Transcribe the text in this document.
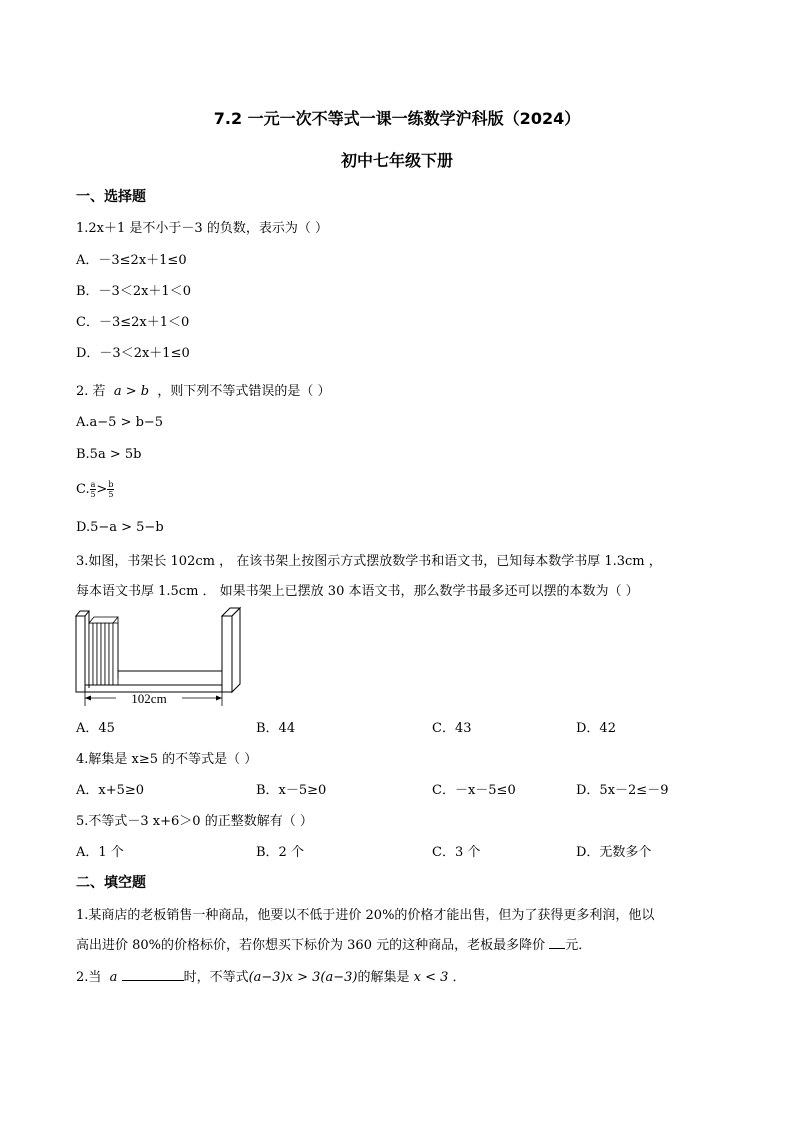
7.2 一元一次不等式一课一练数学沪科版（2024）
初中七年级下册
一、选择题
1.2x＋1 是不小于－3 的负数，表示为（ ）
A．－3≤2x＋1≤0
B．－3＜2x＋1＜0
C．－3≤2x＋1＜0
D．－3＜2x＋1≤0
2. 若 a > b ，则下列不等式错误的是（ ）
A.a−5 > b−5
B.5a > 5b
C. $\frac{a}{5} > \frac{b}{5}$
D.5−a > 5−b
3.如图，书架长 102cm ， 在该书架上按图示方式摆放数学书和语文书，已知每本数学书厚 1.3cm ，
每本语文书厚 1.5cm ． 如果书架上已摆放 30 本语文书，那么数学书最多还可以摆的本数为（ ）
102cm
A．45	B．44	C．43	D．42
4.解集是 x≥5 的不等式是（ ）
A．x+5≥0	B．x－5≥0	C．－x－5≤0	D．5x－2≤－9
5.不等式－3 x+6＞0 的正整数解有（ ）
A．1 个	B．2 个	C．3 个	D．无数多个
二、填空题
1.某商店的老板销售一种商品，他要以不低于进价 20%的价格才能出售，但为了获得更多利润，他以
高出进价 80%的价格标价，若你想买下标价为 360 元的这种商品，老板最多降价 元．
2.当 a	时，不等式(a−3)x > 3(a−3)的解集是 x < 3 ．
